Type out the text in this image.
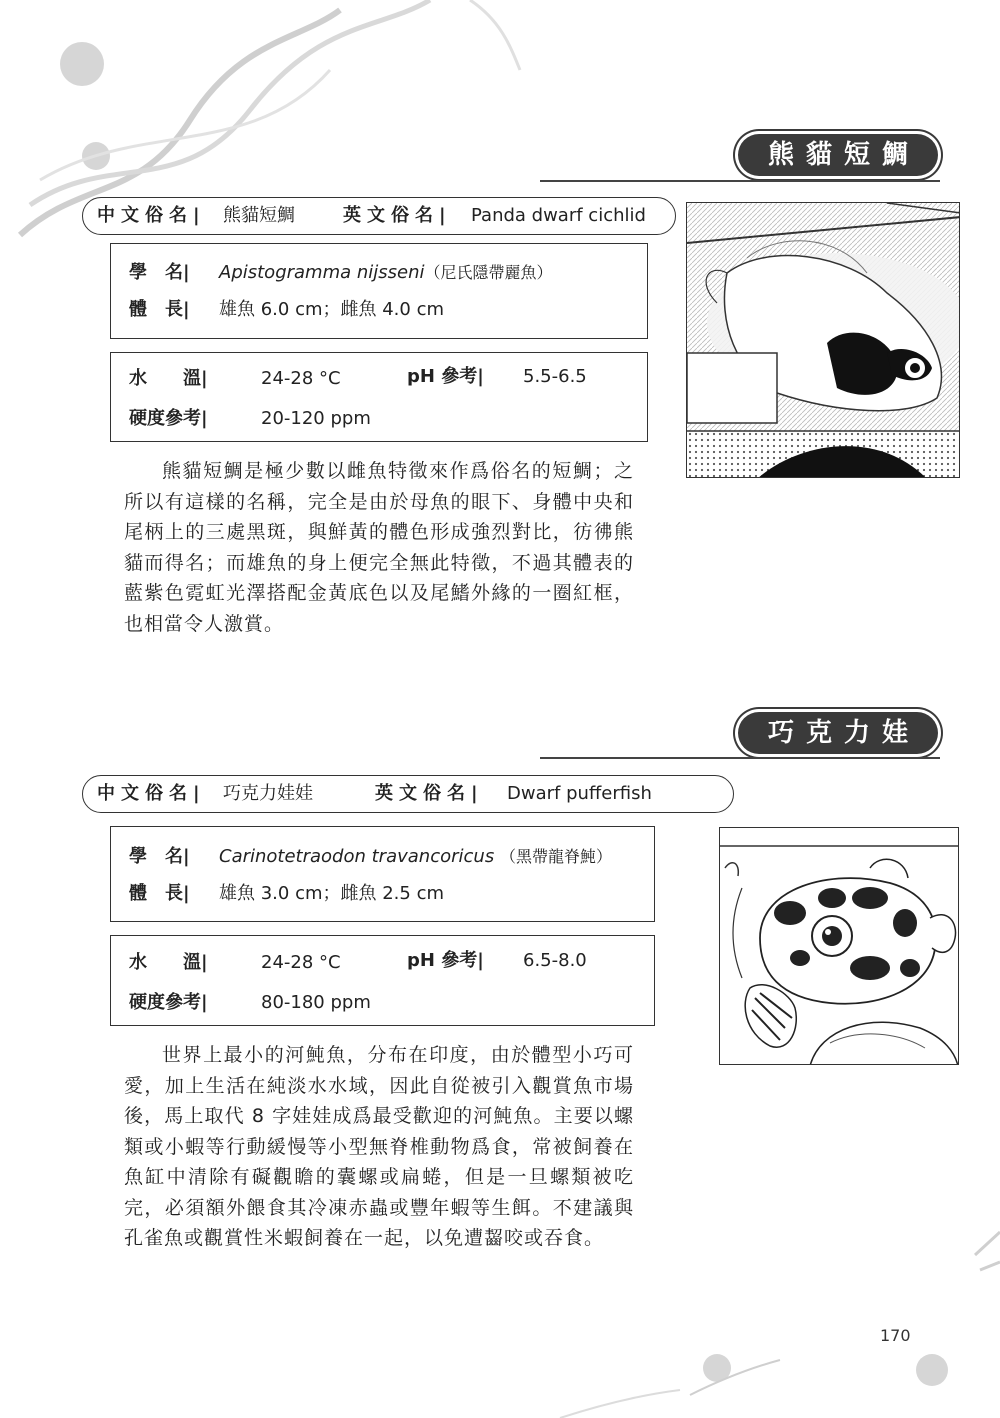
熊貓短鯛
中文俗名| 熊貓短鯛	英文俗名| Panda dwarf cichlid
學　名| Apistogramma nijsseni（尼氏隱帶麗魚）
體　長| 雄魚 6.0 cm；雌魚 4.0 cm
水　　溫|	24-28 °C	pH 參考| 5.5-6.5
硬度參考|	20-120 ppm

熊貓短鯛是極少數以雌魚特徵來作爲俗名的短鯛；之所以有這樣的名稱，完全是由於母魚的眼下、身體中央和尾柄上的三處黑斑，與鮮黃的體色形成強烈對比，彷彿熊貓而得名；而雄魚的身上便完全無此特徵，不過其體表的藍紫色霓虹光澤搭配金黃底色以及尾鰭外緣的一圈紅框，也相當令人激賞。

巧克力娃娃
中文俗名| 巧克力娃娃	英文俗名| Dwarf pufferfish
學　名| Carinotetraodon travancoricus （黑帶龍脊魨）
體　長| 雄魚 3.0 cm；雌魚 2.5 cm
水　　溫|	24-28 °C	pH 參考| 6.5-8.0
硬度參考|	80-180 ppm

世界上最小的河魨魚，分布在印度，由於體型小巧可愛，加上生活在純淡水水域，因此自從被引入觀賞魚市場後，馬上取代 8 字娃娃成爲最受歡迎的河魨魚。主要以螺類或小蝦等行動緩慢等小型無脊椎動物爲食，常被飼養在魚缸中清除有礙觀瞻的囊螺或扁蜷，但是一旦螺類被吃完，必須額外餵食其冷凍赤蟲或豐年蝦等生餌。不建議與孔雀魚或觀賞性米蝦飼養在一起，以免遭齧咬或吞食。

170
